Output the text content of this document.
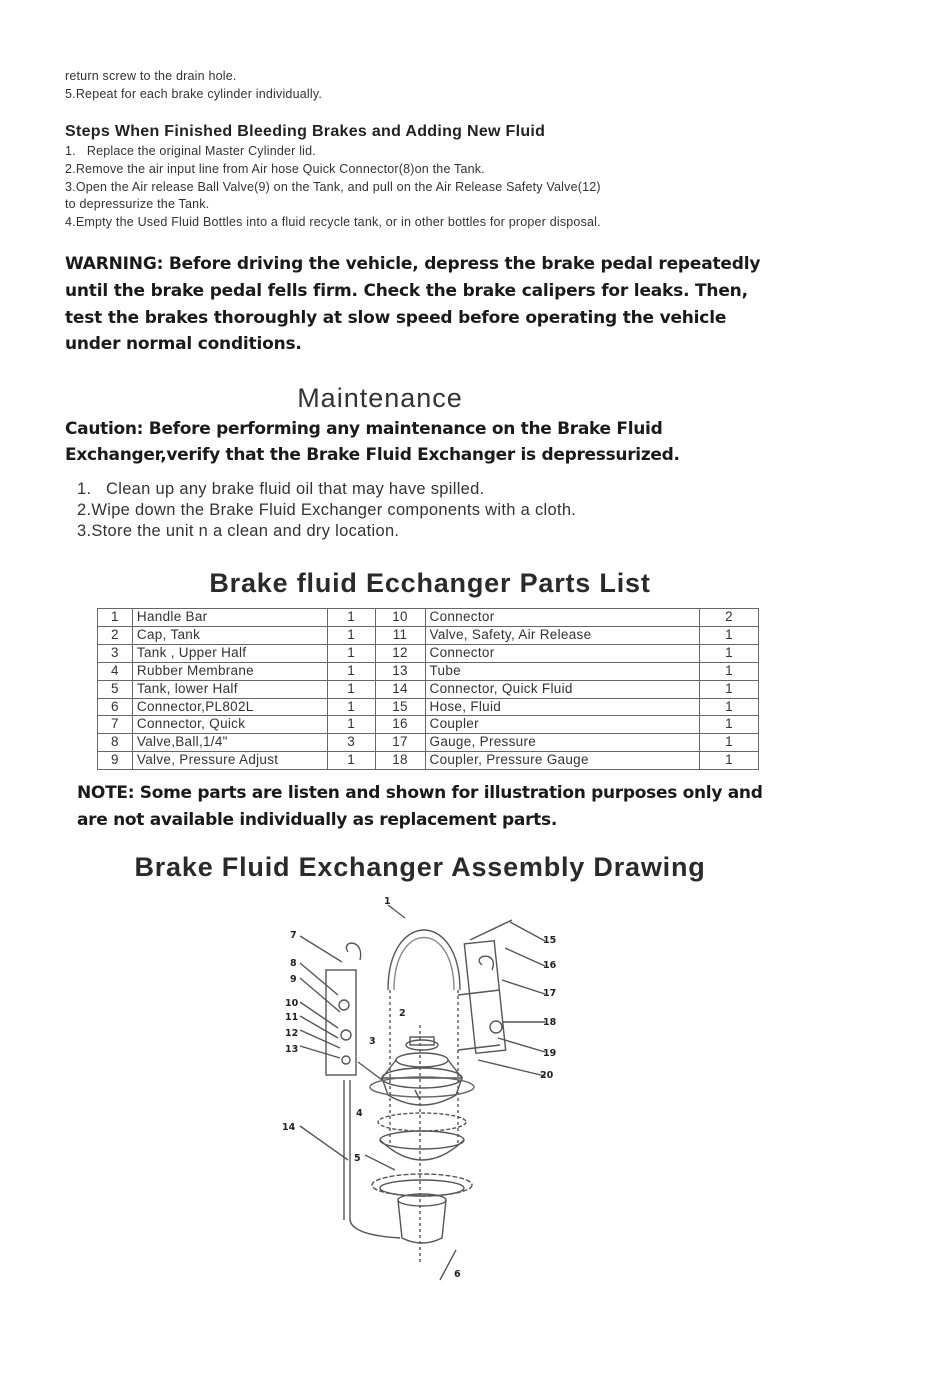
return screw to the drain hole.
5.Repeat for each brake cylinder individually.
Steps When Finished Bleeding Brakes and Adding New Fluid
1.   Replace the original Master Cylinder lid.
2.Remove the air input line from Air hose Quick Connector(8)on the Tank.
3.Open the Air release Ball Valve(9) on the Tank, and pull on the Air Release Safety Valve(12)
to depressurize the Tank.
4.Empty the Used Fluid Bottles into a fluid recycle tank, or in other bottles for proper disposal.
WARNING: Before driving the vehicle, depress the brake pedal repeatedly
until the brake pedal fells firm. Check the brake calipers for leaks. Then,
test the brakes thoroughly at slow speed before operating the vehicle
under normal conditions.
Maintenance
Caution: Before performing any maintenance on the Brake Fluid
Exchanger,verify that the Brake Fluid Exchanger is depressurized.
1.   Clean up any brake fluid oil that may have spilled.
2.Wipe down the Brake Fluid Exchanger components with a cloth.
3.Store the unit n a clean and dry location.
Brake fluid Ecchanger Parts List
1	Handle Bar	1	10	Connector	2
2	Cap, Tank	1	11	Valve, Safety, Air Release	1
3	Tank , Upper Half	1	12	Connector	1
4	Rubber Membrane	1	13	Tube	1
5	Tank, lower Half	1	14	Connector, Quick Fluid	1
6	Connector,PL802L	1	15	Hose, Fluid	1
7	Connector, Quick	1	16	Coupler	1
8	Valve,Ball,1/4"	3	17	Gauge, Pressure	1
9	Valve, Pressure Adjust	1	18	Coupler, Pressure Gauge	1
NOTE: Some parts are listen and shown for illustration purposes only and
are not available individually as replacement parts.
Brake Fluid Exchanger Assembly Drawing
1
2
3
4
5
6
7
8
9
10
11
12
13
14
15
16
17
18
19
20
